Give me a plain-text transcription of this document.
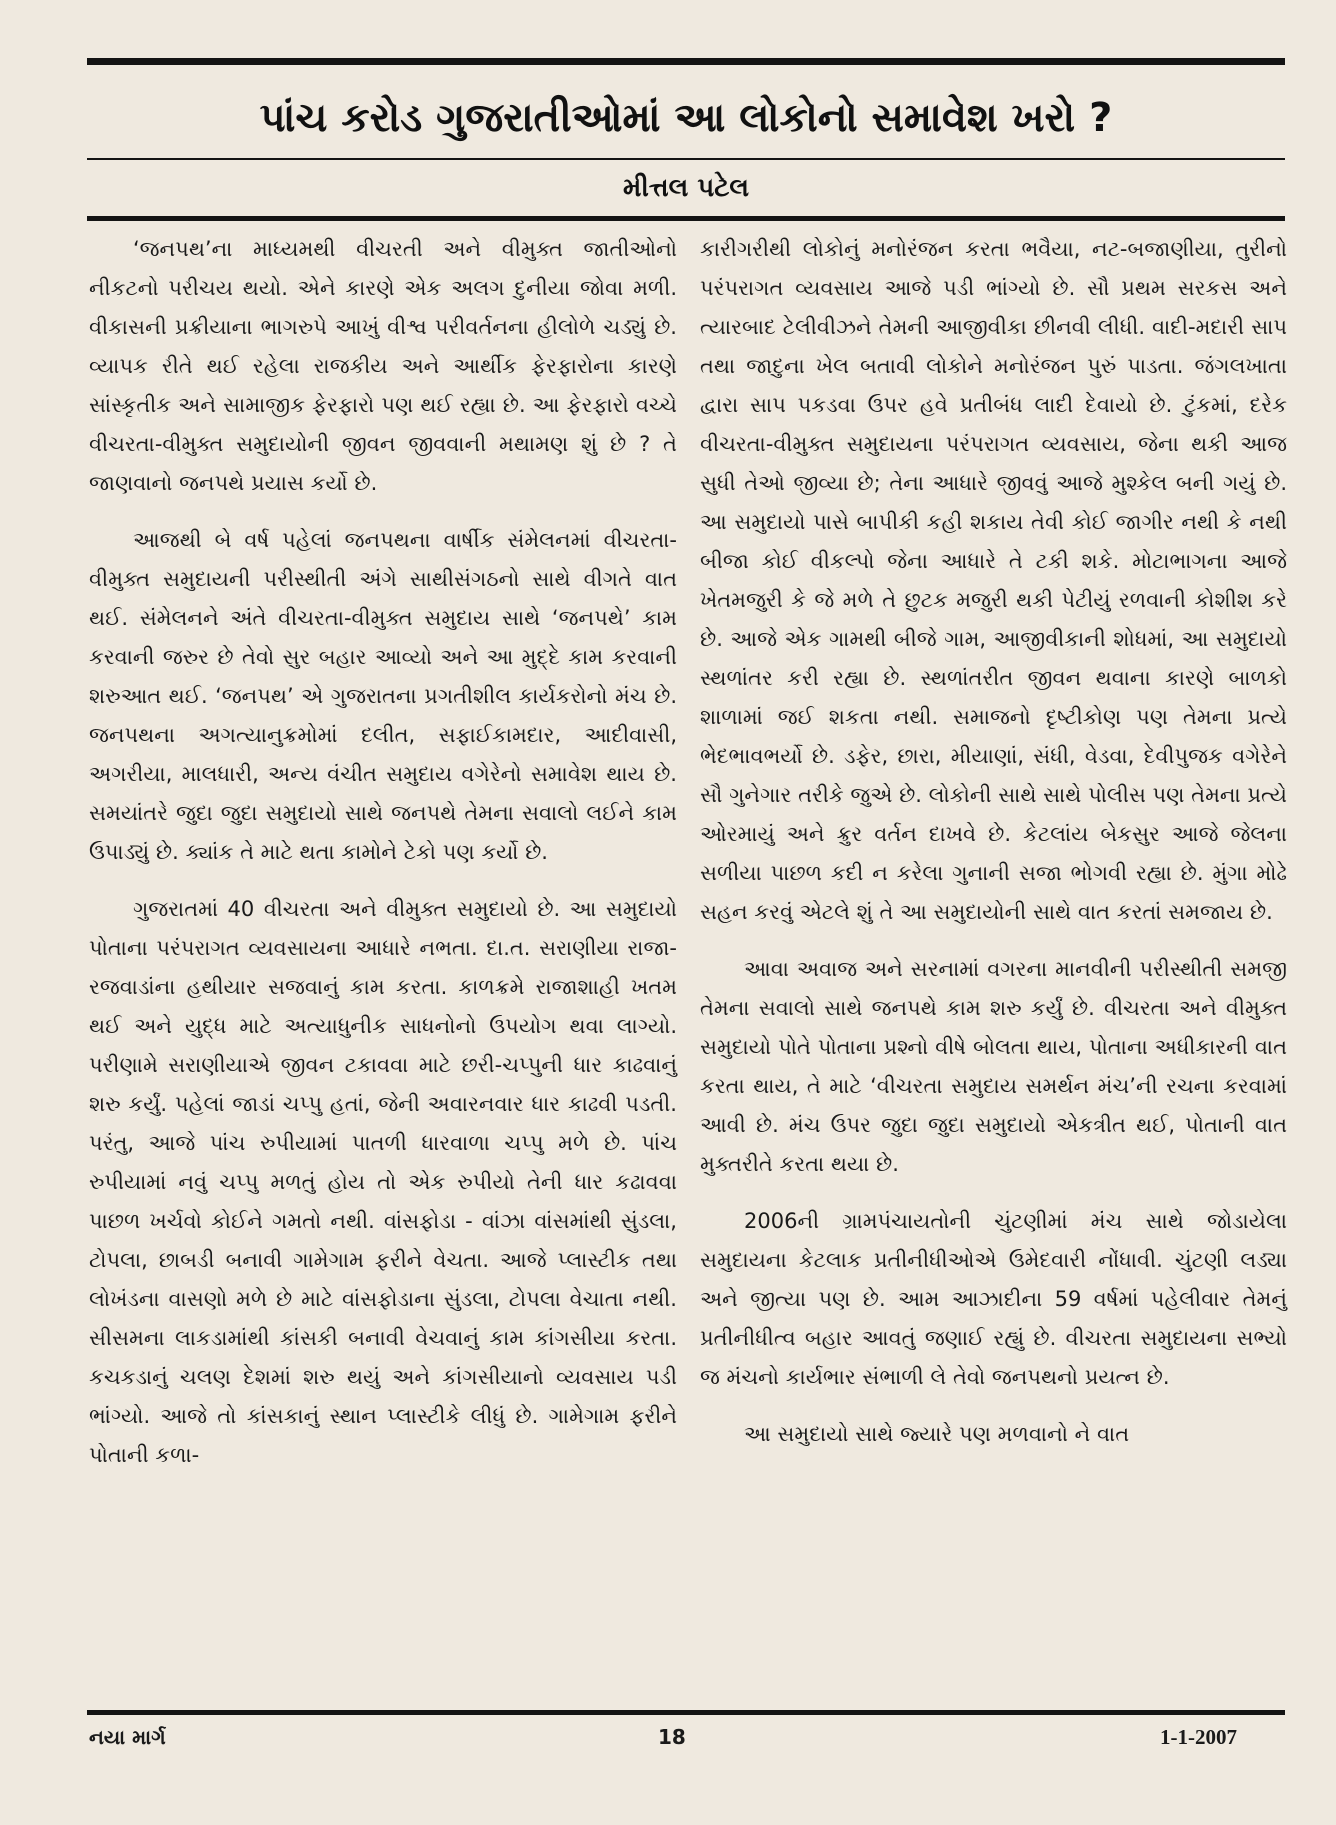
પાંચ કરોડ ગુજરાતીઓમાં આ લોકોનો સમાવેશ ખરો ?
મીત્તલ પટેલ

‘જનપથ’ના માધ્યમથી વીચરતી અને વીમુક્ત જાતીઓનો નીકટનો પરીચય થયો. એને કારણે એક અલગ દુનીયા જોવા મળી. વીકાસની પ્રક્રીયાના ભાગરુપે આખું વીશ્વ પરીવર્તનના હીલોળે ચડ્યું છે. વ્યાપક રીતે થઈ રહેલા રાજકીય અને આર્થીક ફેરફારોના કારણે સાંસ્કૃતીક અને સામાજીક ફેરફારો પણ થઈ રહ્યા છે. આ ફેરફારો વચ્ચે વીચરતા-વીમુક્ત સમુદાયોની જીવન જીવવાની મથામણ શું છે ? તે જાણવાનો જનપથે પ્રયાસ કર્યો છે.

આજથી બે વર્ષ પહેલાં જનપથના વાર્ષીક સંમેલનમાં વીચરતા-વીમુક્ત સમુદાયની પરીસ્થીતી અંગે સાથીસંગઠનો સાથે વીગતે વાત થઈ. સંમેલનને અંતે વીચરતા-વીમુક્ત સમુદાય સાથે ‘જનપથે’ કામ કરવાની જરુર છે તેવો સુર બહાર આવ્યો અને આ મુદ્દે કામ કરવાની શરુઆત થઈ. ‘જનપથ’ એ ગુજરાતના પ્રગતીશીલ કાર્યકરોનો મંચ છે. જનપથના અગત્યાનુક્રમોમાં દલીત, સફાઈકામદાર, આદીવાસી, અગરીયા, માલધારી, અન્ય વંચીત સમુદાય વગેરેનો સમાવેશ થાય છે. સમયાંતરે જુદા જુદા સમુદાયો સાથે જનપથે તેમના સવાલો લઈને કામ ઉપાડ્યું છે. ક્યાંક તે માટે થતા કામોને ટેકો પણ કર્યો છે.

ગુજરાતમાં 40 વીચરતા અને વીમુક્ત સમુદાયો છે. આ સમુદાયો પોતાના પરંપરાગત વ્યવસાયના આધારે નભતા. દા.ત. સરાણીયા રાજા-રજવાડાંના હથીયાર સજવાનું કામ કરતા. કાળક્રમે રાજાશાહી ખતમ થઈ અને યુદ્ધ માટે અત્યાધુનીક સાધનોનો ઉપયોગ થવા લાગ્યો. પરીણામે સરાણીયાએ જીવન ટકાવવા માટે છરી-ચપ્પુની ધાર કાઢવાનું શરુ કર્યું. પહેલાં જાડાં ચપ્પુ હતાં, જેની અવારનવાર ધાર કાઢવી પડતી. પરંતુ, આજે પાંચ રુપીયામાં પાતળી ધારવાળા ચપ્પુ મળે છે. પાંચ રુપીયામાં નવું ચપ્પુ મળતું હોય તો એક રુપીયો તેની ધાર કઢાવવા પાછળ ખર્ચવો કોઈને ગમતો નથી. વાંસફોડા - વાંઝા વાંસમાંથી સુંડલા, ટોપલા, છાબડી બનાવી ગામેગામ ફરીને વેચતા. આજે પ્લાસ્ટીક તથા લોખંડના વાસણો મળે છે માટે વાંસફોડાના સુંડલા, ટોપલા વેચાતા નથી. સીસમના લાકડામાંથી કાંસકી બનાવી વેચવાનું કામ કાંગસીયા કરતા. કચકડાનું ચલણ દેશમાં શરુ થયું અને કાંગસીયાનો વ્યવસાય પડી ભાંગ્યો. આજે તો કાંસકાનું સ્થાન પ્લાસ્ટીકે લીધું છે. ગામેગામ ફરીને પોતાની કળા-

કારીગરીથી લોકોનું મનોરંજન કરતા ભવૈયા, નટ-બજાણીયા, તુરીનો પરંપરાગત વ્યવસાય આજે પડી ભાંગ્યો છે. સૌ પ્રથમ સરકસ અને ત્યારબાદ ટેલીવીઝને તેમની આજીવીકા છીનવી લીધી. વાદી-મદારી સાપ તથા જાદુના ખેલ બતાવી લોકોને મનોરંજન પુરું પાડતા. જંગલખાતા દ્વારા સાપ પકડવા ઉપર હવે પ્રતીબંધ લાદી દેવાયો છે. ટુંકમાં, દરેક વીચરતા-વીમુક્ત સમુદાયના પરંપરાગત વ્યવસાય, જેના થકી આજ સુધી તેઓ જીવ્યા છે; તેના આધારે જીવવું આજે મુશ્કેલ બની ગયું છે. આ સમુદાયો પાસે બાપીકી કહી શકાય તેવી કોઈ જાગીર નથી કે નથી બીજા કોઈ વીકલ્પો જેના આધારે તે ટકી શકે. મોટાભાગના આજે ખેતમજુરી કે જે મળે તે છુટક મજુરી થકી પેટીયું રળવાની કોશીશ કરે છે. આજે એક ગામથી બીજે ગામ, આજીવીકાની શોધમાં, આ સમુદાયો સ્થળાંતર કરી રહ્યા છે. સ્થળાંતરીત જીવન થવાના કારણે બાળકો શાળામાં જઈ શકતા નથી. સમાજનો દૃષ્ટીકોણ પણ તેમના પ્રત્યે ભેદભાવભર્યો છે. ડફેર, છારા, મીયાણાં, સંધી, વેડવા, દેવીપુજક વગેરેને સૌ ગુનેગાર તરીકે જુએ છે. લોકોની સાથે સાથે પોલીસ પણ તેમના પ્રત્યે ઓરમાયું અને ક્રુર વર્તન દાખવે છે. કેટલાંય બેકસુર આજે જેલના સળીયા પાછળ કદી ન કરેલા ગુનાની સજા ભોગવી રહ્યા છે. મુંગા મોઢે સહન કરવું એટલે શું તે આ સમુદાયોની સાથે વાત કરતાં સમજાય છે.

આવા અવાજ અને સરનામાં વગરના માનવીની પરીસ્થીતી સમજી તેમના સવાલો સાથે જનપથે કામ શરુ કર્યું છે. વીચરતા અને વીમુક્ત સમુદાયો પોતે પોતાના પ્રશ્નો વીષે બોલતા થાય, પોતાના અધીકારની વાત કરતા થાય, તે માટે ‘વીચરતા સમુદાય સમર્થન મંચ’ની રચના કરવામાં આવી છે. મંચ ઉપર જુદા જુદા સમુદાયો એકત્રીત થઈ, પોતાની વાત મુક્તરીતે કરતા થયા છે.

2006ની ગ્રામપંચાયતોની ચુંટણીમાં મંચ સાથે જોડાયેલા સમુદાયના કેટલાક પ્રતીનીધીઓએ ઉમેદવારી નોંધાવી. ચુંટણી લડ્યા અને જીત્યા પણ છે. આમ આઝાદીના 59 વર્ષમાં પહેલીવાર તેમનું પ્રતીનીધીત્વ બહાર આવતું જણાઈ રહ્યું છે. વીચરતા સમુદાયના સભ્યો જ મંચનો કાર્યભાર સંભાળી લે તેવો જનપથનો પ્રયત્ન છે.

આ સમુદાયો સાથે જ્યારે પણ મળવાનો ને વાત

નયા માર્ગ	18	1-1-2007
